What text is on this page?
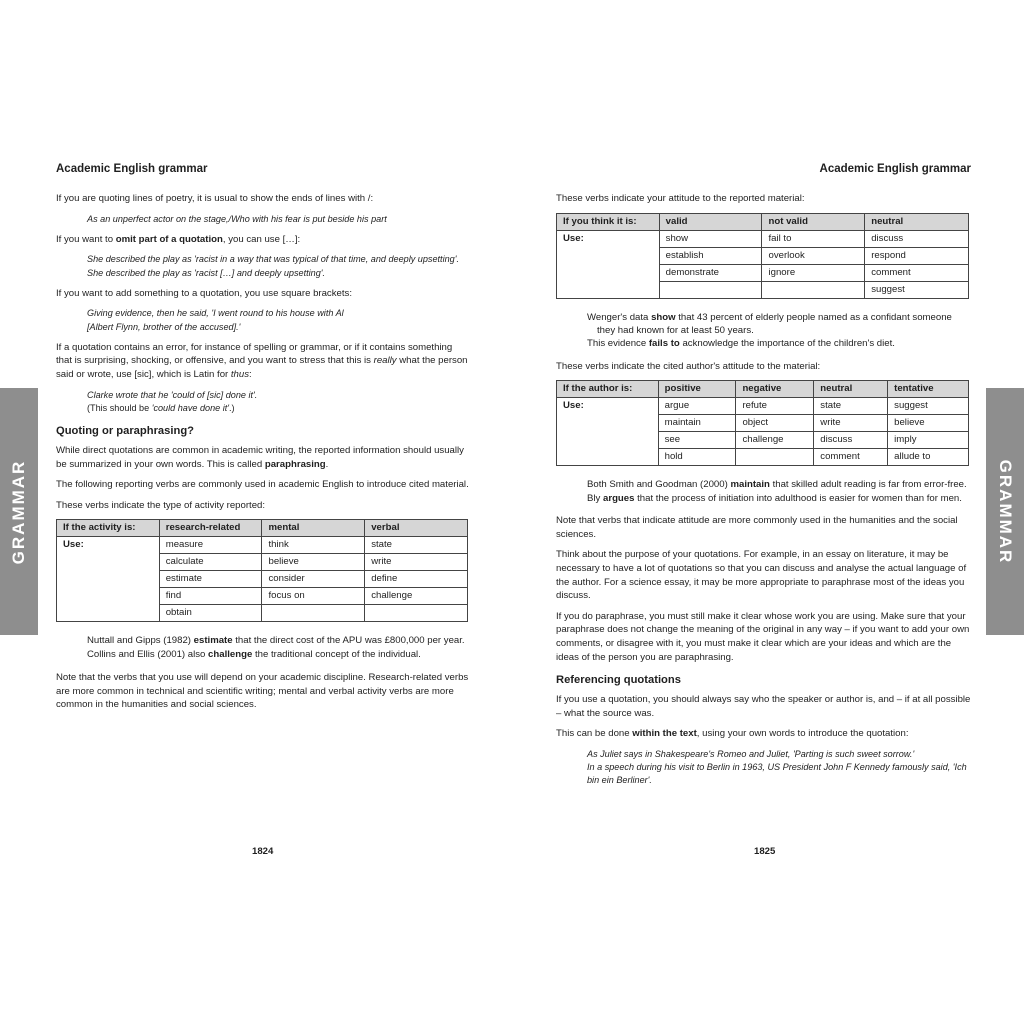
GRAMMAR
Academic English grammar

If you are quoting lines of poetry, it is usual to show the ends of lines with /:

As an unperfect actor on the stage,/Who with his fear is put beside his part

If you want to omit part of a quotation, you can use […]:

She described the play as 'racist in a way that was typical of that time, and deeply upsetting'.
She described the play as 'racist […] and deeply upsetting'.

If you want to add something to a quotation, you use square brackets:

Giving evidence, then he said, 'I went round to his house with Al
[Albert Flynn, brother of the accused].'

If a quotation contains an error, for instance of spelling or grammar, or if it contains something that is surprising, shocking, or offensive, and you want to stress that this is really what the person said or wrote, use [sic], which is Latin for thus:

Clarke wrote that he 'could of [sic] done it'.
(This should be 'could have done it'.)
Quoting or paraphrasing?

While direct quotations are common in academic writing, the reported information should usually be summarized in your own words. This is called paraphrasing.

The following reporting verbs are commonly used in academic English to introduce cited material.

These verbs indicate the type of activity reported:

If the activity is:	research-related	mental	verbal
Use:	measure	think	state
	calculate	believe	write
	estimate	consider	define
	find	focus on	challenge
	obtain		
Nuttall and Gipps (1982) estimate that the direct cost of the APU was £800,000 per year.
Collins and Ellis (2001) also challenge the traditional concept of the individual.

Note that the verbs that you use will depend on your academic discipline. Research-related verbs are more common in technical and scientific writing; mental and verbal activity verbs are more common in the humanities and social sciences.

1824
Academic English grammar

These verbs indicate your attitude to the reported material:

If you think it is:	valid	not valid	neutral
Use:	show	fail to	discuss
	establish	overlook	respond
	demonstrate	ignore	comment
			suggest
Wenger's data show that 43 percent of elderly people named as a confidant someone they had known for at least 50 years.
This evidence fails to acknowledge the importance of the children's diet.

These verbs indicate the cited author's attitude to the material:

If the author is:	positive	negative	neutral	tentative
Use:	argue	refute	state	suggest
	maintain	object	write	believe
	see	challenge	discuss	imply
	hold		comment	allude to
Both Smith and Goodman (2000) maintain that skilled adult reading is far from error-free.
Bly argues that the process of initiation into adulthood is easier for women than for men.

Note that verbs that indicate attitude are more commonly used in the humanities and the social sciences.

Think about the purpose of your quotations. For example, in an essay on literature, it may be necessary to have a lot of quotations so that you can discuss and analyse the actual language of the author. For a science essay, it may be more appropriate to paraphrase most of the ideas you discuss.

If you do paraphrase, you must still make it clear whose work you are using. Make sure that your paraphrase does not change the meaning of the original in any way – if you want to add your own comments, or disagree with it, you must make it clear which are your ideas and which are the ideas of the person you are paraphrasing.

Referencing quotations

If you use a quotation, you should always say who the speaker or author is, and – if at all possible – what the source was.

This can be done within the text, using your own words to introduce the quotation:

As Juliet says in Shakespeare's Romeo and Juliet, 'Parting is such sweet sorrow.'
In a speech during his visit to Berlin in 1963, US President John F Kennedy famously said, 'Ich bin ein Berliner'.
1825
GRAMMAR
